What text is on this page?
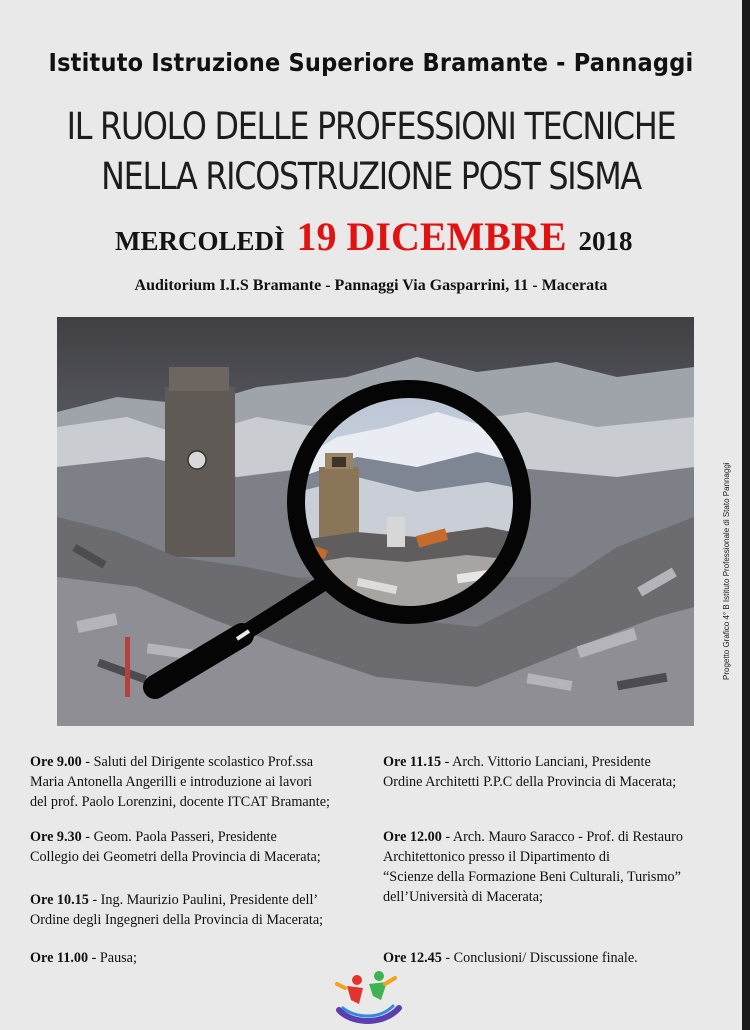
Istituto Istruzione Superiore Bramante - Pannaggi
IL RUOLO DELLE PROFESSIONI TECNICHE
NELLA RICOSTRUZIONE POST SISMA
MERCOLEDÌ 19 DICEMBRE 2018
Auditorium I.I.S Bramante - Pannaggi Via Gasparrini, 11 - Macerata
Progetto Grafico 4° B Istituto Professionale di Stato Pannaggi
Ore 9.00 - Saluti del Dirigente scolastico Prof.ssa
Maria Antonella Angerilli e introduzione ai lavori
del prof. Paolo Lorenzini, docente ITCAT Bramante;
Ore 9.30 - Geom. Paola Passeri, Presidente
Collegio dei Geometri della Provincia di Macerata;
Ore 10.15 - Ing. Maurizio Paulini, Presidente dell’
Ordine degli Ingegneri della Provincia di Macerata;
Ore 11.00 - Pausa;
Ore 11.15 - Arch. Vittorio Lanciani, Presidente
Ordine Architetti P.P.C della Provincia di Macerata;
Ore 12.00 - Arch. Mauro Saracco - Prof. di Restauro
Architettonico presso il Dipartimento di
“Scienze della Formazione Beni Culturali, Turismo”
dell’Università di Macerata;
Ore 12.45 - Conclusioni/ Discussione finale.
